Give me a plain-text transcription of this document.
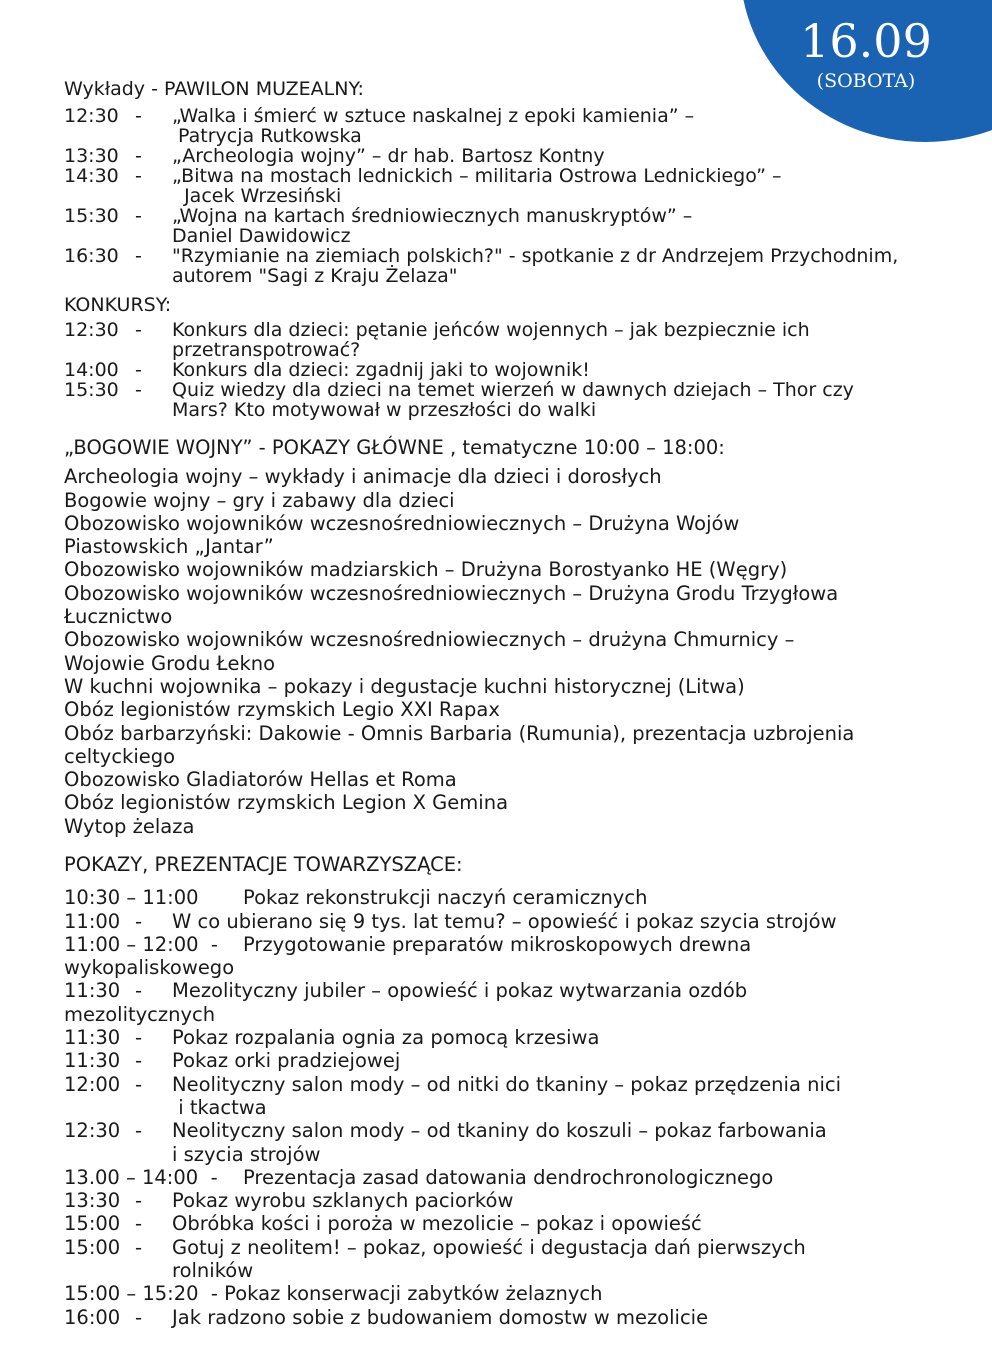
16.09
(SOBOTA)
Wykłady - PAWILON MUZEALNY:
12:30 - „Walka i śmierć w sztuce naskalnej z epoki kamienia” –
Patrycja Rutkowska
13:30 - „Archeologia wojny” – dr hab. Bartosz Kontny
14:30 - „Bitwa na mostach lednickich – militaria Ostrowa Lednickiego” –
Jacek Wrzesiński
15:30 - „Wojna na kartach średniowiecznych manuskryptów” –
Daniel Dawidowicz
16:30 - "Rzymianie na ziemiach polskich?" - spotkanie z dr Andrzejem Przychodnim,
autorem "Sagi z Kraju Żelaza"
KONKURSY:
12:30 - Konkurs dla dzieci: pętanie jeńców wojennych – jak bezpiecznie ich
przetranspotrować?
14:00 - Konkurs dla dzieci: zgadnij jaki to wojownik!
15:30 - Quiz wiedzy dla dzieci na temet wierzeń w dawnych dziejach – Thor czy
Mars? Kto motywował w przeszłości do walki
„BOGOWIE WOJNY” - POKAZY GŁÓWNE , tematyczne 10:00 – 18:00:
Archeologia wojny – wykłady i animacje dla dzieci i dorosłych
Bogowie wojny – gry i zabawy dla dzieci
Obozowisko wojowników wczesnośredniowiecznych – Drużyna Wojów
Piastowskich „Jantar”
Obozowisko wojowników madziarskich – Drużyna Borostyanko HE (Węgry)
Obozowisko wojowników wczesnośredniowiecznych – Drużyna Grodu Trzygłowa
Łucznictwo
Obozowisko wojowników wczesnośredniowiecznych – drużyna Chmurnicy –
Wojowie Grodu Łekno
W kuchni wojownika – pokazy i degustacje kuchni historycznej (Litwa)
Obóz legionistów rzymskich Legio XXI Rapax
Obóz barbarzyński: Dakowie - Omnis Barbaria (Rumunia), prezentacja uzbrojenia
celtyckiego
Obozowisko Gladiatorów Hellas et Roma
Obóz legionistów rzymskich Legion X Gemina
Wytop żelaza
POKAZY, PREZENTACJE TOWARZYSZĄCE:
10:30 – 11:00 Pokaz rekonstrukcji naczyń ceramicznych
11:00 - W co ubierano się 9 tys. lat temu? – opowieść i pokaz szycia strojów
11:00 – 12:00  - Przygotowanie preparatów mikroskopowych drewna
wykopaliskowego
11:30 - Mezolityczny jubiler – opowieść i pokaz wytwarzania ozdób
mezolitycznych
11:30 - Pokaz rozpalania ognia za pomocą krzesiwa
11:30 - Pokaz orki pradziejowej
12:00 - Neolityczny salon mody – od nitki do tkaniny – pokaz przędzenia nici
i tkactwa
12:30 - Neolityczny salon mody – od tkaniny do koszuli – pokaz farbowania
i szycia strojów
13.00 – 14:00  - Prezentacja zasad datowania dendrochronologicznego
13:30 - Pokaz wyrobu szklanych paciorków
15:00 - Obróbka kości i poroża w mezolicie – pokaz i opowieść
15:00 - Gotuj z neolitem! – pokaz, opowieść i degustacja dań pierwszych
rolników
15:00 – 15:20  - Pokaz konserwacji zabytków żelaznych
16:00 - Jak radzono sobie z budowaniem domostw w mezolicie
